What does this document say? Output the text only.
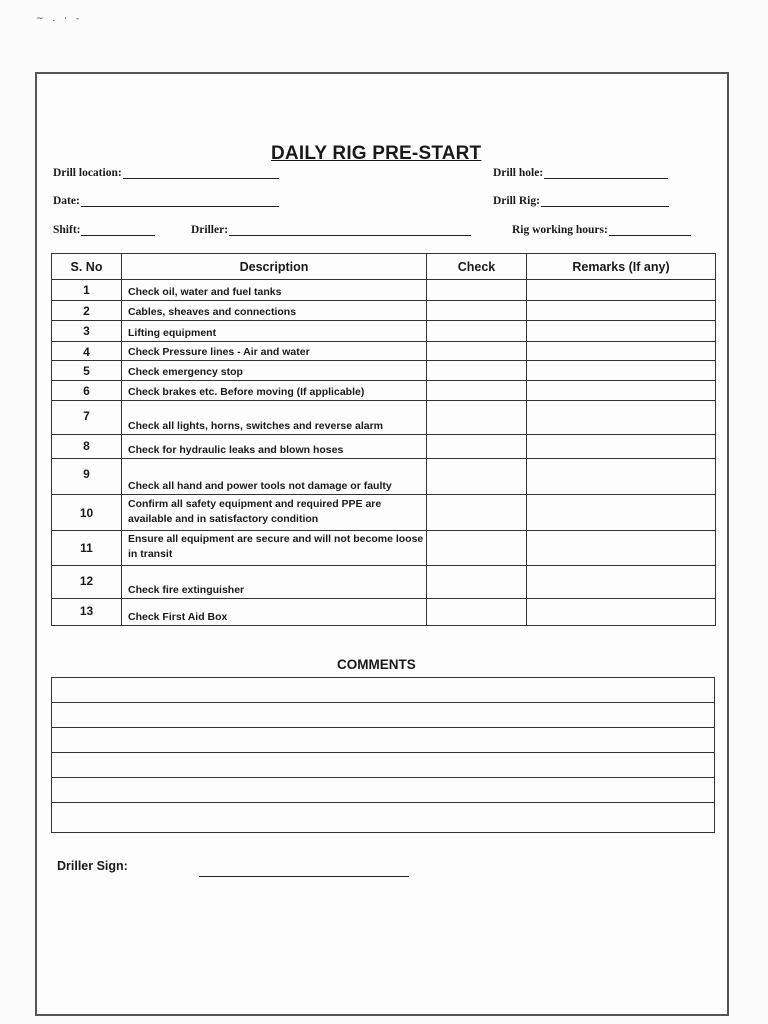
~ . · -
DAILY RIG PRE-START
Drill location:	Drill hole:
Date:	Drill Rig:
Shift:	Driller:	Rig working hours:
S. No	Description	Check	Remarks (If any)
1	Check oil, water and fuel tanks		
2	Cables, sheaves and connections		
3	Lifting equipment		
4	Check Pressure lines - Air and water		
5	Check emergency stop		
6	Check brakes etc. Before moving (If applicable)		
7	Check all lights, horns, switches and reverse alarm		
8	Check for hydraulic leaks and blown hoses		
9	Check all hand and power tools not damage or faulty		
10	Confirm all safety equipment and required PPE are available and in satisfactory condition		
11	Ensure all equipment are secure and will not become loose in transit		
12	Check fire extinguisher		
13	Check First Aid Box		
COMMENTS
Driller Sign:
